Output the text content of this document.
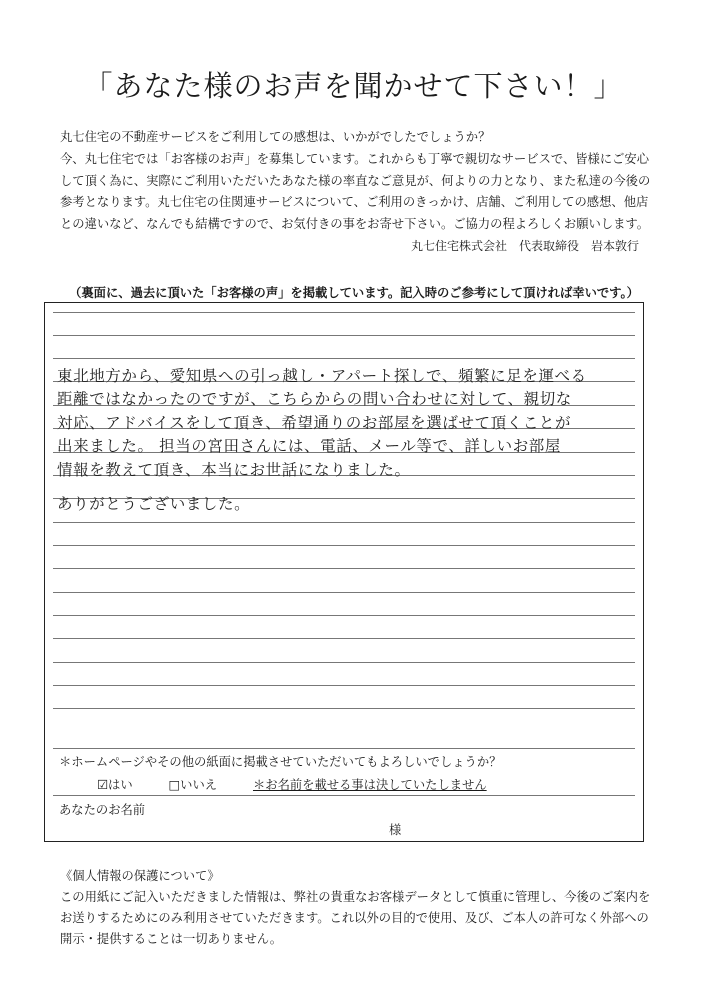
「あなた様のお声を聞かせて下さい！」

丸七住宅の不動産サービスをご利用しての感想は、いかがでしたでしょうか？

今、丸七住宅では「お客様のお声」を募集しています。これからも丁寧で親切なサービスで、皆様にご安心

して頂く為に、実際にご利用いただいたあなた様の率直なご意見が、何よりの力となり、また私達の今後の

参考となります。丸七住宅の住関連サービスについて、ご利用のきっかけ、店舗、ご利用しての感想、他店

との違いなど、なんでも結構ですので、お気付きの事をお寄せ下さい。ご協力の程よろしくお願いします。

丸七住宅株式会社　代表取締役　岩本敦行
（裏面に、過去に頂いた「お客様の声」を掲載しています。記入時のご参考にして頂ければ幸いです。）
東北地方から、愛知県への引っ越し・アパート探しで、頻繁に足を運べる
距離ではなかったのですが、こちらからの問い合わせに対して、親切な
対応、アドバイスをして頂き、希望通りのお部屋を選ばせて頂くことが
出来ました。 担当の宮田さんには、電話、メール等で、詳しいお部屋
情報を教えて頂き、本当にお世話になりました。
ありがとうございました。
＊ホームページやその他の紙面に掲載させていただいてもよろしいでしょうか？
☑はい	□いいえ	＊お名前を載せる事は決していたしません
あなたのお名前
様

《個人情報の保護について》

この用紙にご記入いただきました情報は、弊社の貴重なお客様データとして慎重に管理し、今後のご案内を

お送りするためにのみ利用させていただきます。これ以外の目的で使用、及び、ご本人の許可なく外部への

開示・提供することは一切ありません。
